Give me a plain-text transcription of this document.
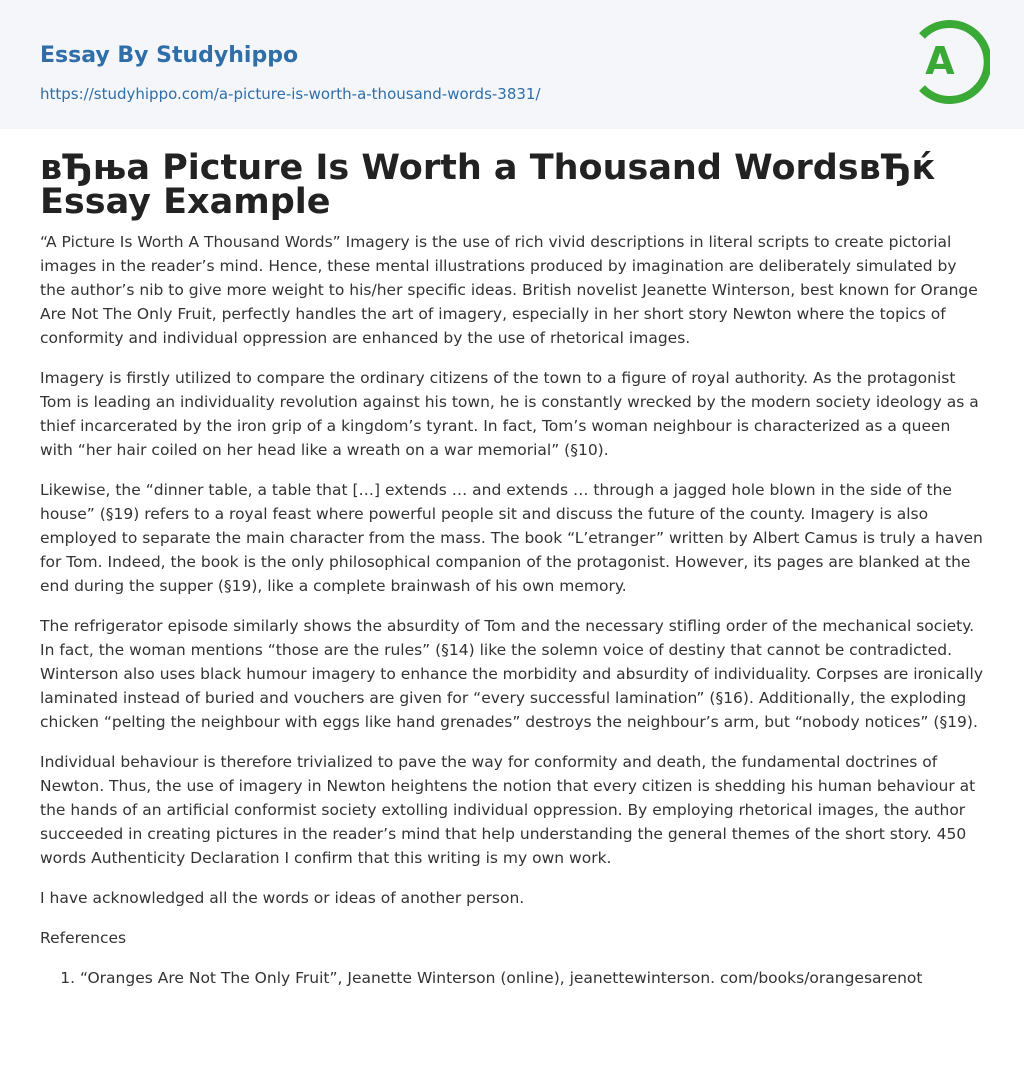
Essay By Studyhippo
https://studyhippo.com/a-picture-is-worth-a-thousand-words-3831/
A
вЂњa Picture Is Worth a Thousand WordsвЂќ Essay Example

“A Picture Is Worth A Thousand Words” Imagery is the use of rich vivid descriptions in literal scripts to create pictorial images in the reader’s mind. Hence, these mental illustrations produced by imagination are deliberately simulated by the author’s nib to give more weight to his/her specific ideas. British novelist Jeanette Winterson, best known for Orange Are Not The Only Fruit, perfectly handles the art of imagery, especially in her short story Newton where the topics of conformity and individual oppression are enhanced by the use of rhetorical images.

Imagery is firstly utilized to compare the ordinary citizens of the town to a figure of royal authority. As the protagonist Tom is leading an individuality revolution against his town, he is constantly wrecked by the modern society ideology as a thief incarcerated by the iron grip of a kingdom’s tyrant. In fact, Tom’s woman neighbour is characterized as a queen with “her hair coiled on her head like a wreath on a war memorial” (§10).

Likewise, the “dinner table, a table that […] extends … and extends … through a jagged hole blown in the side of the house” (§19) refers to a royal feast where powerful people sit and discuss the future of the county. Imagery is also employed to separate the main character from the mass. The book “L’etranger” written by Albert Camus is truly a haven for Tom. Indeed, the book is the only philosophical companion of the protagonist. However, its pages are blanked at the end during the supper (§19), like a complete brainwash of his own memory.

The refrigerator episode similarly shows the absurdity of Tom and the necessary stifling order of the mechanical society. In fact, the woman mentions “those are the rules” (§14) like the solemn voice of destiny that cannot be contradicted. Winterson also uses black humour imagery to enhance the morbidity and absurdity of individuality. Corpses are ironically laminated instead of buried and vouchers are given for “every successful lamination” (§16). Additionally, the exploding chicken “pelting the neighbour with eggs like hand grenades” destroys the neighbour’s arm, but “nobody notices” (§19).

Individual behaviour is therefore trivialized to pave the way for conformity and death, the fundamental doctrines of Newton. Thus, the use of imagery in Newton heightens the notion that every citizen is shedding his human behaviour at the hands of an artificial conformist society extolling individual oppression. By employing rhetorical images, the author succeeded in creating pictures in the reader’s mind that help understanding the general themes of the short story. 450 words Authenticity Declaration I confirm that this writing is my own work.

I have acknowledged all the words or ideas of another person.

References

1. “Oranges Are Not The Only Fruit”, Jeanette Winterson (online), jeanettewinterson. com/books/orangesarenot
